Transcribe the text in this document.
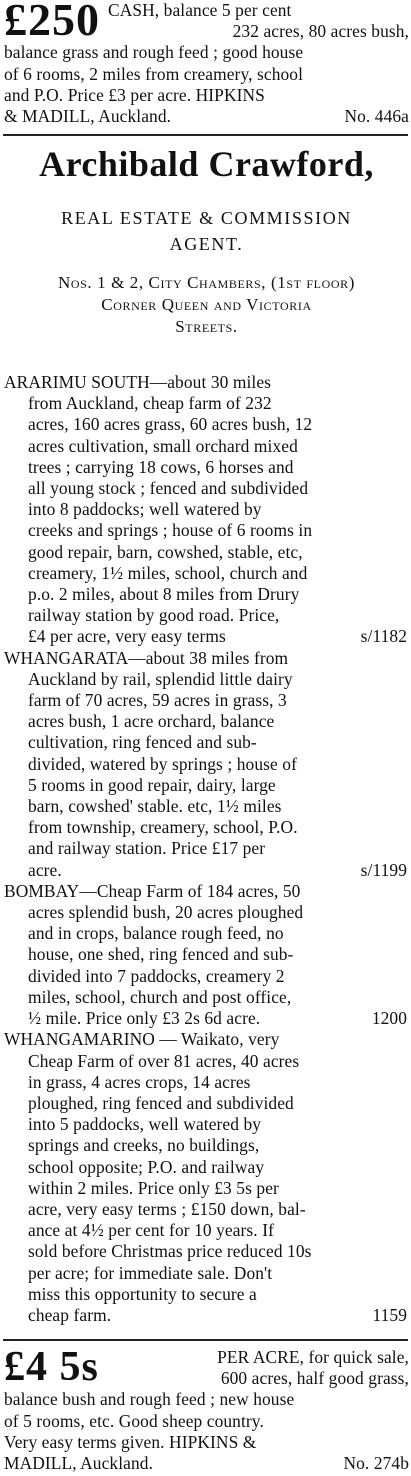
£250 CASH, balance 5 per cent
232 acres, 80 acres bush,
balance grass and rough feed ; good house
of 6 rooms, 2 miles from creamery, school
and P.O. Price £3 per acre. HIPKINS
& MADILL, Auckland.	No. 446a
Archibald Crawford,
REAL ESTATE & COMMISSION
AGENT.
Nos. 1 & 2, City Chambers, (1st floor)
Corner Queen and Victoria
Streets.
ARARIMU SOUTH—about 30 miles
from Auckland, cheap farm of 232
acres, 160 acres grass, 60 acres bush, 12
acres cultivation, small orchard mixed
trees ; carrying 18 cows, 6 horses and
all young stock ; fenced and subdivided
into 8 paddocks; well watered by
creeks and springs ; house of 6 rooms in
good repair, barn, cowshed, stable, etc,
creamery, 1½ miles, school, church and
p.o. 2 miles, about 8 miles from Drury
railway station by good road. Price,
£4 per acre, very easy terms	s/1182
WHANGARATA—about 38 miles from
Auckland by rail, splendid little dairy
farm of 70 acres, 59 acres in grass, 3
acres bush, 1 acre orchard, balance
cultivation, ring fenced and sub-
divided, watered by springs ; house of
5 rooms in good repair, dairy, large
barn, cowshed' stable. etc, 1½ miles
from township, creamery, school, P.O.
and railway station. Price £17 per
acre.	s/1199
BOMBAY—Cheap Farm of 184 acres, 50
acres splendid bush, 20 acres ploughed
and in crops, balance rough feed, no
house, one shed, ring fenced and sub-
divided into 7 paddocks, creamery 2
miles, school, church and post office,
½ mile. Price only £3 2s 6d acre.	1200
WHANGAMARINO — Waikato, very
Cheap Farm of over 81 acres, 40 acres
in grass, 4 acres crops, 14 acres
ploughed, ring fenced and subdivided
into 5 paddocks, well watered by
springs and creeks, no buildings,
school opposite; P.O. and railway
within 2 miles. Price only £3 5s per
acre, very easy terms ; £150 down, bal-
ance at 4½ per cent for 10 years. If
sold before Christmas price reduced 10s
per acre; for immediate sale. Don't
miss this opportunity to secure a
cheap farm.	1159
£4 5s	PER ACRE, for quick sale,
600 acres, half good grass,
balance bush and rough feed ; new house
of 5 rooms, etc. Good sheep country.
Very easy terms given. HIPKINS &
MADILL, Auckland.	No. 274b
